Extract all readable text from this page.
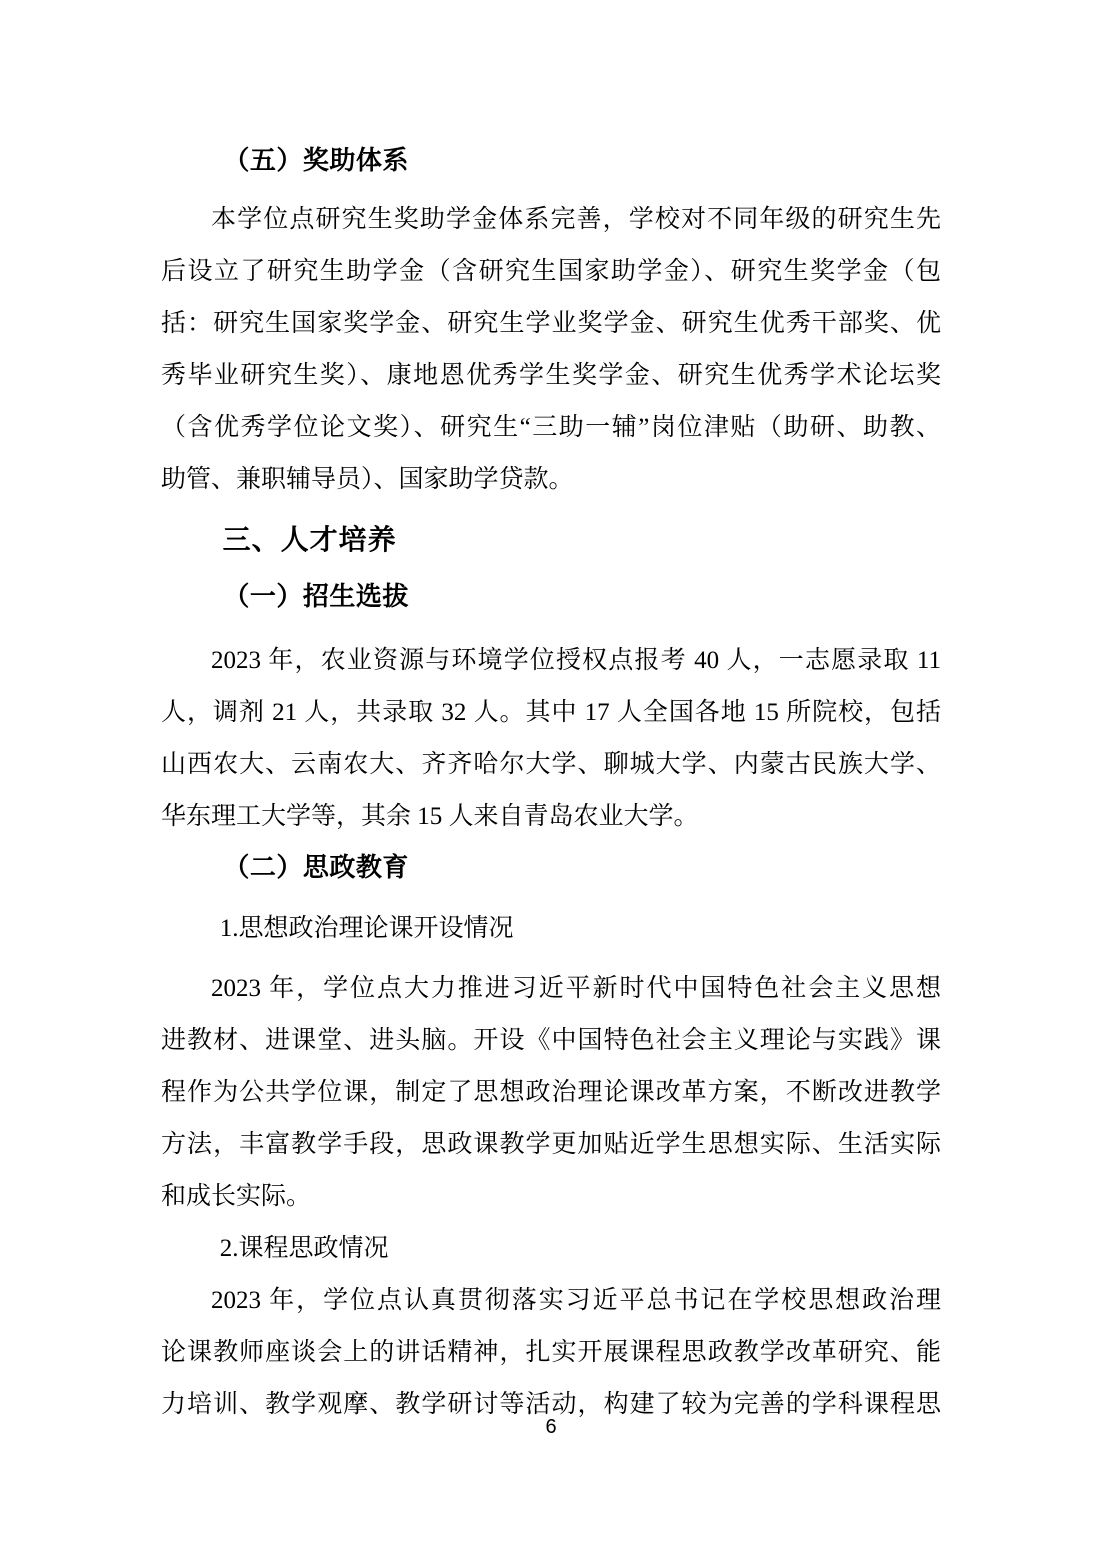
（五）奖助体系
本学位点研究生奖助学金体系完善，学校对不同年级的研究生先
后设立了研究生助学金（含研究生国家助学金）、研究生奖学金（包
括：研究生国家奖学金、研究生学业奖学金、研究生优秀干部奖、优
秀毕业研究生奖）、康地恩优秀学生奖学金、研究生优秀学术论坛奖
（含优秀学位论文奖）、研究生“三助一辅”岗位津贴（助研、助教、
助管、兼职辅导员）、国家助学贷款。
三、人才培养
（一）招生选拔
2023 年，农业资源与环境学位授权点报考 40 人，一志愿录取 11
人，调剂 21 人，共录取 32 人。其中 17 人全国各地 15 所院校，包括
山西农大、云南农大、齐齐哈尔大学、聊城大学、内蒙古民族大学、
华东理工大学等，其余 15 人来自青岛农业大学。
（二）思政教育
1.思想政治理论课开设情况
2023 年，学位点大力推进习近平新时代中国特色社会主义思想
进教材、进课堂、进头脑。开设《中国特色社会主义理论与实践》课
程作为公共学位课，制定了思想政治理论课改革方案，不断改进教学
方法，丰富教学手段，思政课教学更加贴近学生思想实际、生活实际
和成长实际。
2.课程思政情况
2023 年，学位点认真贯彻落实习近平总书记在学校思想政治理
论课教师座谈会上的讲话精神，扎实开展课程思政教学改革研究、能
力培训、教学观摩、教学研讨等活动，构建了较为完善的学科课程思
6
